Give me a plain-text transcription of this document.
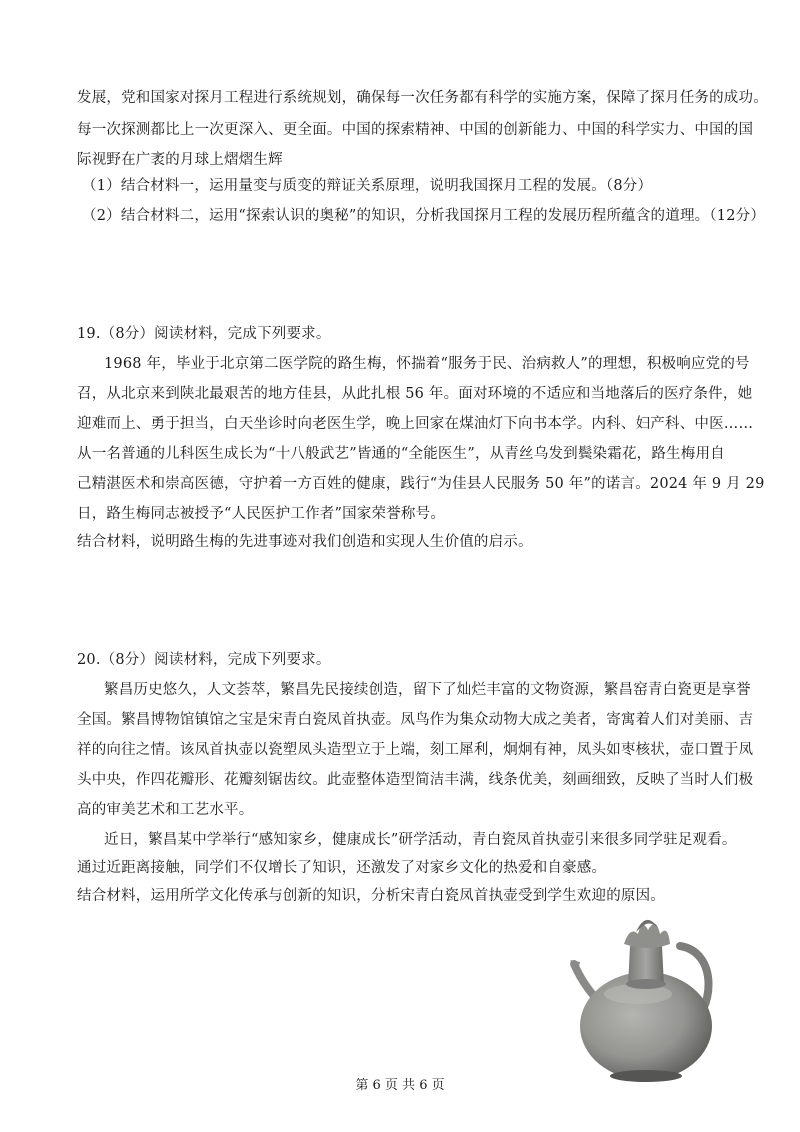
发展，党和国家对探月工程进行系统规划，确保每一次任务都有科学的实施方案，保障了探月任务的成功。
每一次探测都比上一次更深入、更全面。中国的探索精神、中国的创新能力、中国的科学实力、中国的国
际视野在广袤的月球上熠熠生辉
（1）结合材料一，运用量变与质变的辩证关系原理，说明我国探月工程的发展。（8分）
（2）结合材料二，运用“探索认识的奥秘”的知识，分析我国探月工程的发展历程所蕴含的道理。（12分）
19.（8分）阅读材料，完成下列要求。
1968 年，毕业于北京第二医学院的路生梅，怀揣着“服务于民、治病救人”的理想，积极响应党的号
召，从北京来到陕北最艰苦的地方佳县，从此扎根 56 年。面对环境的不适应和当地落后的医疗条件，她
迎难而上、勇于担当，白天坐诊时向老医生学，晚上回家在煤油灯下向书本学。内科、妇产科、中医……
从一名普通的儿科医生成长为“十八般武艺”皆通的“全能医生”，从青丝乌发到鬓染霜花，路生梅用自
己精湛医术和崇高医德，守护着一方百姓的健康，践行“为佳县人民服务 50 年”的诺言。2024 年 9 月 29
日，路生梅同志被授予“人民医护工作者”国家荣誉称号。
结合材料，说明路生梅的先进事迹对我们创造和实现人生价值的启示。
20.（8分）阅读材料，完成下列要求。
繁昌历史悠久，人文荟萃，繁昌先民接续创造，留下了灿烂丰富的文物资源，繁昌窑青白瓷更是享誉
全国。繁昌博物馆镇馆之宝是宋青白瓷凤首执壶。凤鸟作为集众动物大成之美者，寄寓着人们对美丽、吉
祥的向往之情。该凤首执壶以瓷塑凤头造型立于上端，刻工犀利，炯炯有神，凤头如枣核状，壶口置于凤
头中央，作四花瓣形、花瓣刻锯齿纹。此壶整体造型简洁丰满，线条优美，刻画细致，反映了当时人们极
高的审美艺术和工艺水平。
近日，繁昌某中学举行“感知家乡，健康成长”研学活动，青白瓷凤首执壶引来很多同学驻足观看。
通过近距离接触，同学们不仅增长了知识，还激发了对家乡文化的热爱和自豪感。
结合材料，运用所学文化传承与创新的知识，分析宋青白瓷凤首执壶受到学生欢迎的原因。
第 6 页 共 6 页
